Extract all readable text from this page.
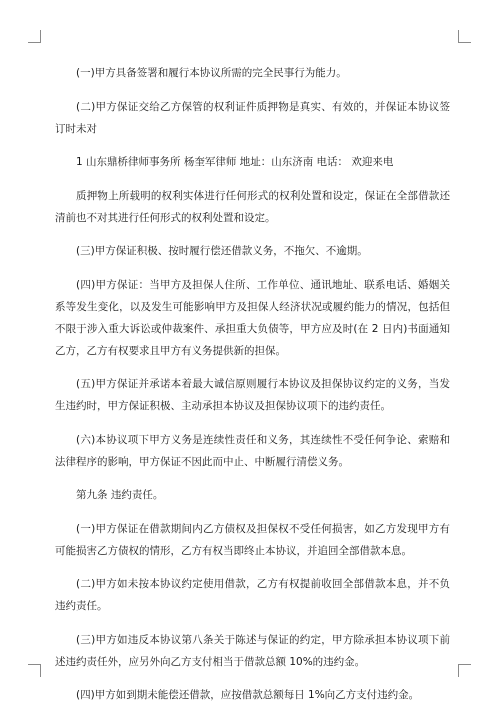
(一)甲方具备签署和履行本协议所需的完全民事行为能力。

(二)甲方保证交给乙方保管的权利证件质押物是真实、有效的，并保证本协议签订时未对

1 山东鼎桥律师事务所 杨奎军律师 地址：山东济南 电话： 欢迎来电

质押物上所载明的权利实体进行任何形式的权利处置和设定，保证在全部借款还清前也不对其进行任何形式的权利处置和设定。

(三)甲方保证积极、按时履行偿还借款义务，不拖欠、不逾期。

(四)甲方保证：当甲方及担保人住所、工作单位、通讯地址、联系电话、婚姻关系等发生变化，以及发生可能影响甲方及担保人经济状况或履约能力的情况，包括但不限于涉入重大诉讼或仲裁案件、承担重大负债等，甲方应及时(在 2 日内)书面通知乙方，乙方有权要求且甲方有义务提供新的担保。

(五)甲方保证并承诺本着最大诚信原则履行本协议及担保协议约定的义务，当发生违约时，甲方保证积极、主动承担本协议及担保协议项下的违约责任。

(六)本协议项下甲方义务是连续性责任和义务，其连续性不受任何争论、索赔和法律程序的影响，甲方保证不因此而中止、中断履行清偿义务。

第九条 违约责任。

(一)甲方保证在借款期间内乙方债权及担保权不受任何损害，如乙方发现甲方有可能损害乙方债权的情形，乙方有权当即终止本协议，并追回全部借款本息。

(二)甲方如未按本协议约定使用借款，乙方有权提前收回全部借款本息，并不负违约责任。

(三)甲方如违反本协议第八条关于陈述与保证的约定，甲方除承担本协议项下前述违约责任外，应另外向乙方支付相当于借款总额 10%的违约金。

(四)甲方如到期未能偿还借款，应按借款总额每日 1%向乙方支付违约金。
